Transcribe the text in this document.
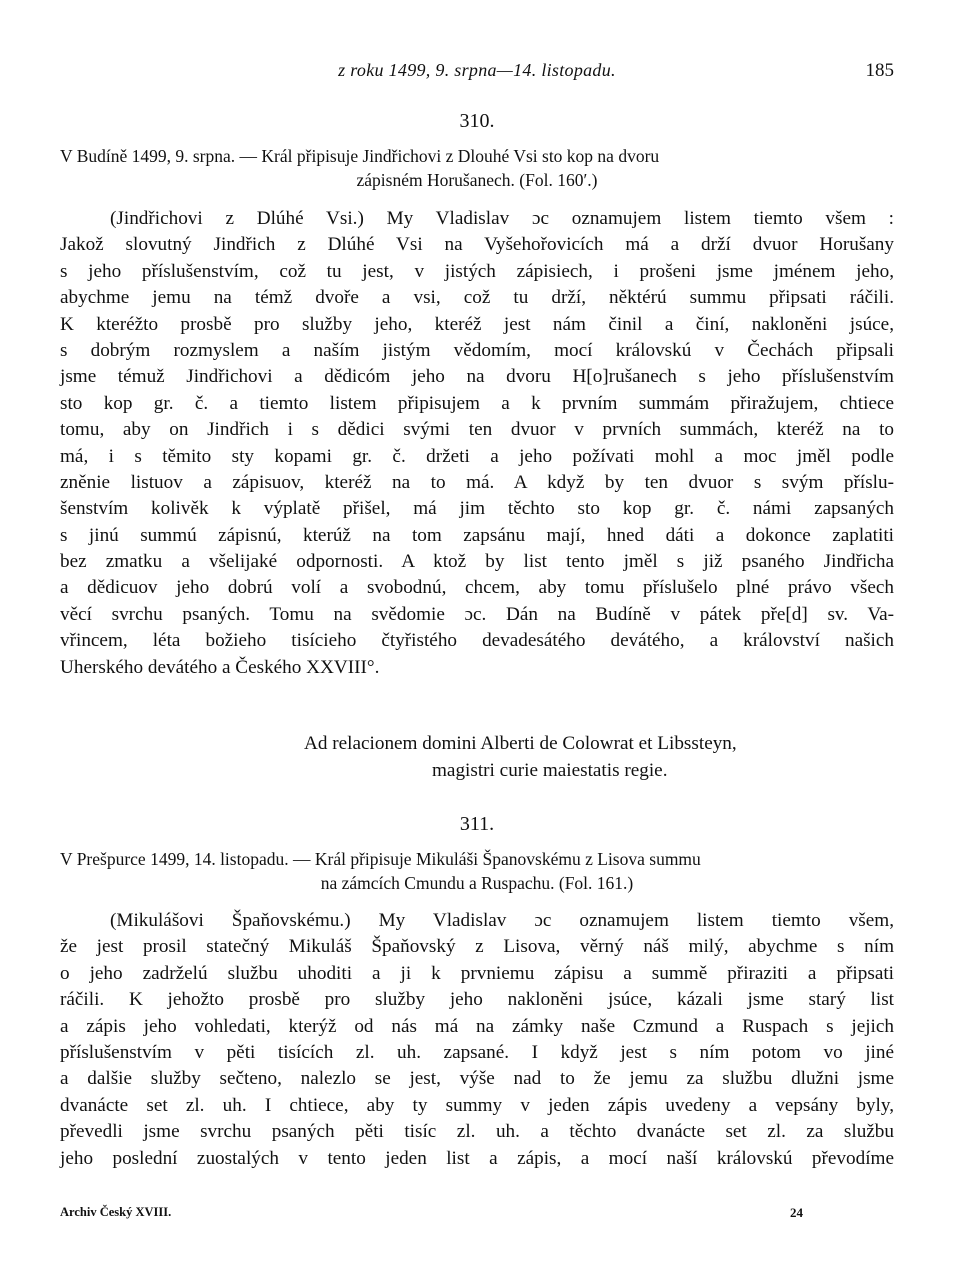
z roku 1499, 9. srpna—14. listopadu.	185
310.
V Budíně 1499, 9. srpna. — Král připisuje Jindřichovi z Dlouhé Vsi sto kop na dvoru
zápisném Horušanech. (Fol. 160′.)
(Jindřichovi z Dlúhé Vsi.) My Vladislav ɔc oznamujem listem tiemto všem :
Jakož slovutný Jindřich z Dlúhé Vsi na Vyšehořovicích má a drží dvuor Horušany
s jeho příslušenstvím, což tu jest, v jistých zápisiech, i prošeni jsme jménem jeho,
abychme jemu na témž dvoře a vsi, což tu drží, něktérú summu připsati ráčili.
K kteréžto prosbě pro služby jeho, kteréž jest nám činil a činí, nakloněni jsúce,
s dobrým rozmyslem a naším jistým vědomím, mocí královskú v Čechách připsali
jsme témuž Jindřichovi a dědicóm jeho na dvoru H[o]rušanech s jeho příslušenstvím
sto kop gr. č. a tiemto listem připisujem a k prvním summám přiražujem, chtiece
tomu, aby on Jindřich i s dědici svými ten dvuor v prvních summách, kteréž na to
má, i s těmito sty kopami gr. č. držeti a jeho požívati mohl a moc jměl podle
zněnie listuov a zápisuov, kteréž na to má. A když by ten dvuor s svým příslu-
šenstvím kolivěk k výplatě přišel, má jim těchto sto kop gr. č. námi zapsaných
s jinú summú zápisnú, kterúž na tom zapsánu mají, hned dáti a dokonce zaplatiti
bez zmatku a všelijaké odpornosti. A ktož by list tento jměl s již psaného Jindřicha
a dědicuov jeho dobrú volí a svobodnú, chcem, aby tomu příslušelo plné právo všech
věcí svrchu psaných. Tomu na svědomie ɔc. Dán na Budíně v pátek pře[d] sv. Va-
vřincem, léta božieho tisícieho čtyřistého devadesátého devátého, a království našich
Uherského devátého a Českého XXVIII°.
Ad relacionem domini Alberti de Colowrat et Libssteyn,
magistri curie maiestatis regie.
311.
V Prešpurce 1499, 14. listopadu. — Král připisuje Mikuláši Španovskému z Lisova summu
na zámcích Cmundu a Ruspachu. (Fol. 161.)
(Mikulášovi Špaňovskému.) My Vladislav ɔc oznamujem listem tiemto všem,
že jest prosil statečný Mikuláš Špaňovský z Lisova, věrný náš milý, abychme s ním
o jeho zadrželú službu uhoditi a ji k prvniemu zápisu a summě přiraziti a připsati
ráčili. K jehožto prosbě pro služby jeho nakloněni jsúce, kázali jsme starý list
a zápis jeho vohledati, kterýž od nás má na zámky naše Czmund a Ruspach s jejich
příslušenstvím v pěti tisících zl. uh. zapsané. I když jest s ním potom vo jiné
a dalšie služby sečteno, nalezlo se jest, výše nad to že jemu za službu dlužni jsme
dvanácte set zl. uh. I chtiece, aby ty summy v jeden zápis uvedeny a vepsány byly,
převedli jsme svrchu psaných pěti tisíc zl. uh. a těchto dvanácte set zl. za službu
jeho poslední zuostalých v tento jeden list a zápis, a mocí naší královskú převodíme
Archiv Český XVIII.	24
